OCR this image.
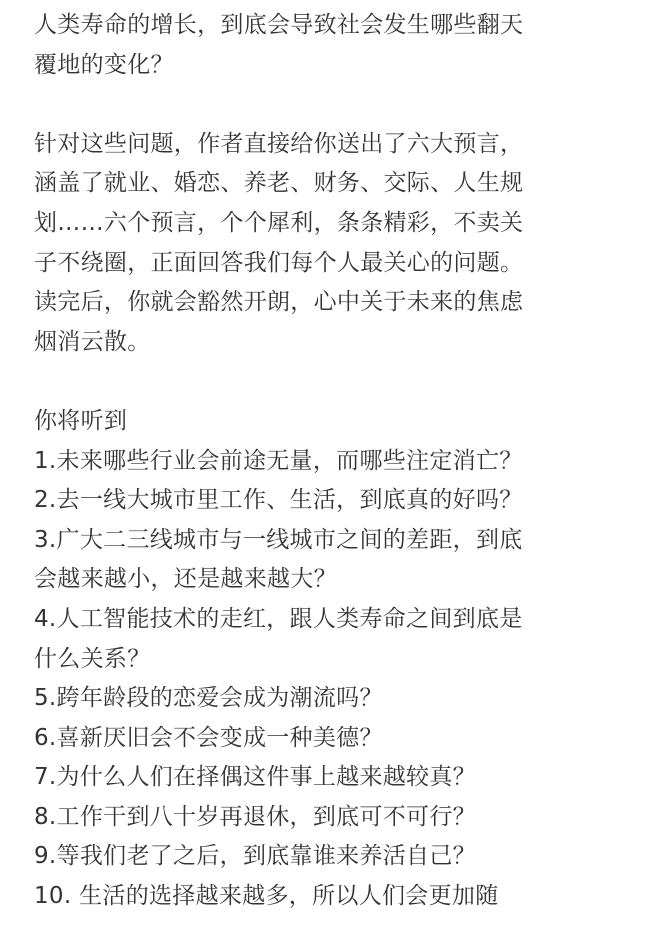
人类寿命的增长，到底会导致社会发生哪些翻天
覆地的变化？

针对这些问题，作者直接给你送出了六大预言，
涵盖了就业、婚恋、养老、财务、交际、人生规
划……六个预言，个个犀利，条条精彩，不卖关
子不绕圈，正面回答我们每个人最关心的问题。
读完后，你就会豁然开朗，心中关于未来的焦虑
烟消云散。

你将听到

1.未来哪些行业会前途无量，而哪些注定消亡？

2.去一线大城市里工作、生活，到底真的好吗？

3.广大二三线城市与一线城市之间的差距，到底
会越来越小，还是越来越大？

4.人工智能技术的走红，跟人类寿命之间到底是
什么关系？

5.跨年龄段的恋爱会成为潮流吗？

6.喜新厌旧会不会变成一种美德？

7.为什么人们在择偶这件事上越来越较真？

8.工作干到八十岁再退休，到底可不可行？

9.等我们老了之后，到底靠谁来养活自己？

10. 生活的选择越来越多，所以人们会更加随
